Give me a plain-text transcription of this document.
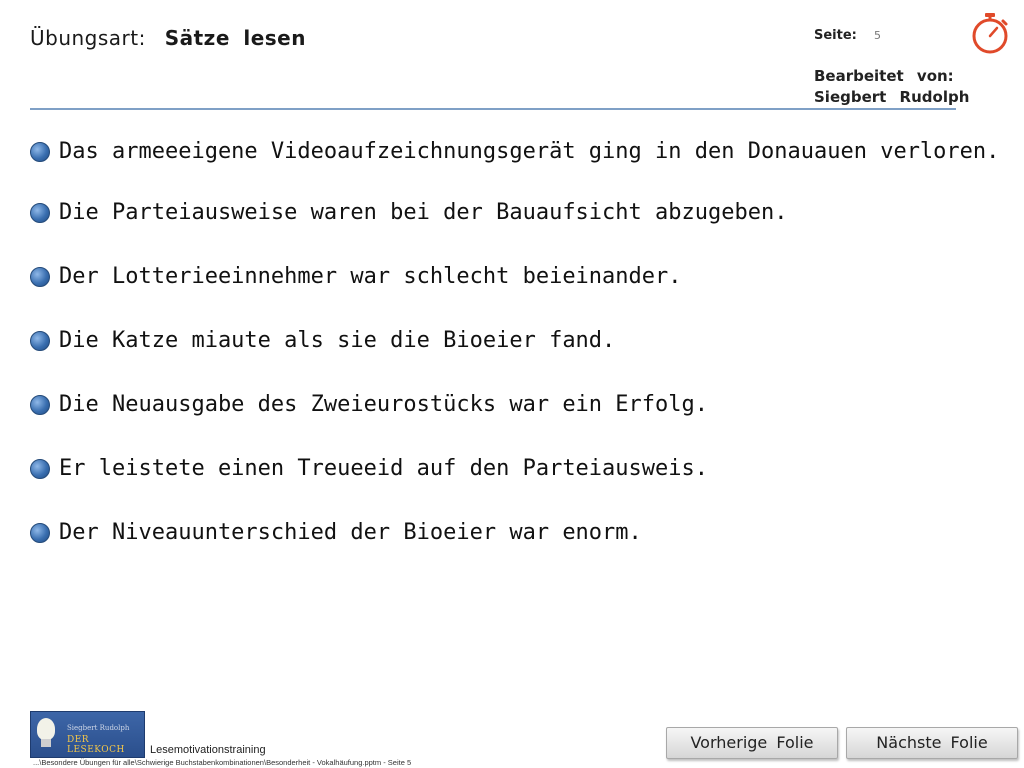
Übungsart: Sätze lesen	Seite: 5
Bearbeitet von:
Siegbert Rudolph
Das armeeeigene Videoaufzeichnungsgerät ging in den Donauauen verloren.
Die Parteiausweise waren bei der Bauaufsicht abzugeben.
Der Lotterieeinnehmer war schlecht beieinander.
Die Katze miaute als sie die Bioeier fand.
Die Neuausgabe des Zweieurostücks war ein Erfolg.
Er leistete einen Treueeid auf den Parteiausweis.
Der Niveauunterschied der Bioeier war enorm.
Siegbert Rudolph
DER LESEKOCH	Lesemotivationstraining
...\Besondere Übungen für alle\Schwierige Buchstabenkombinationen\Besonderheit - Vokalhäufung.pptm - Seite 5
Vorherige Folie	Nächste Folie
